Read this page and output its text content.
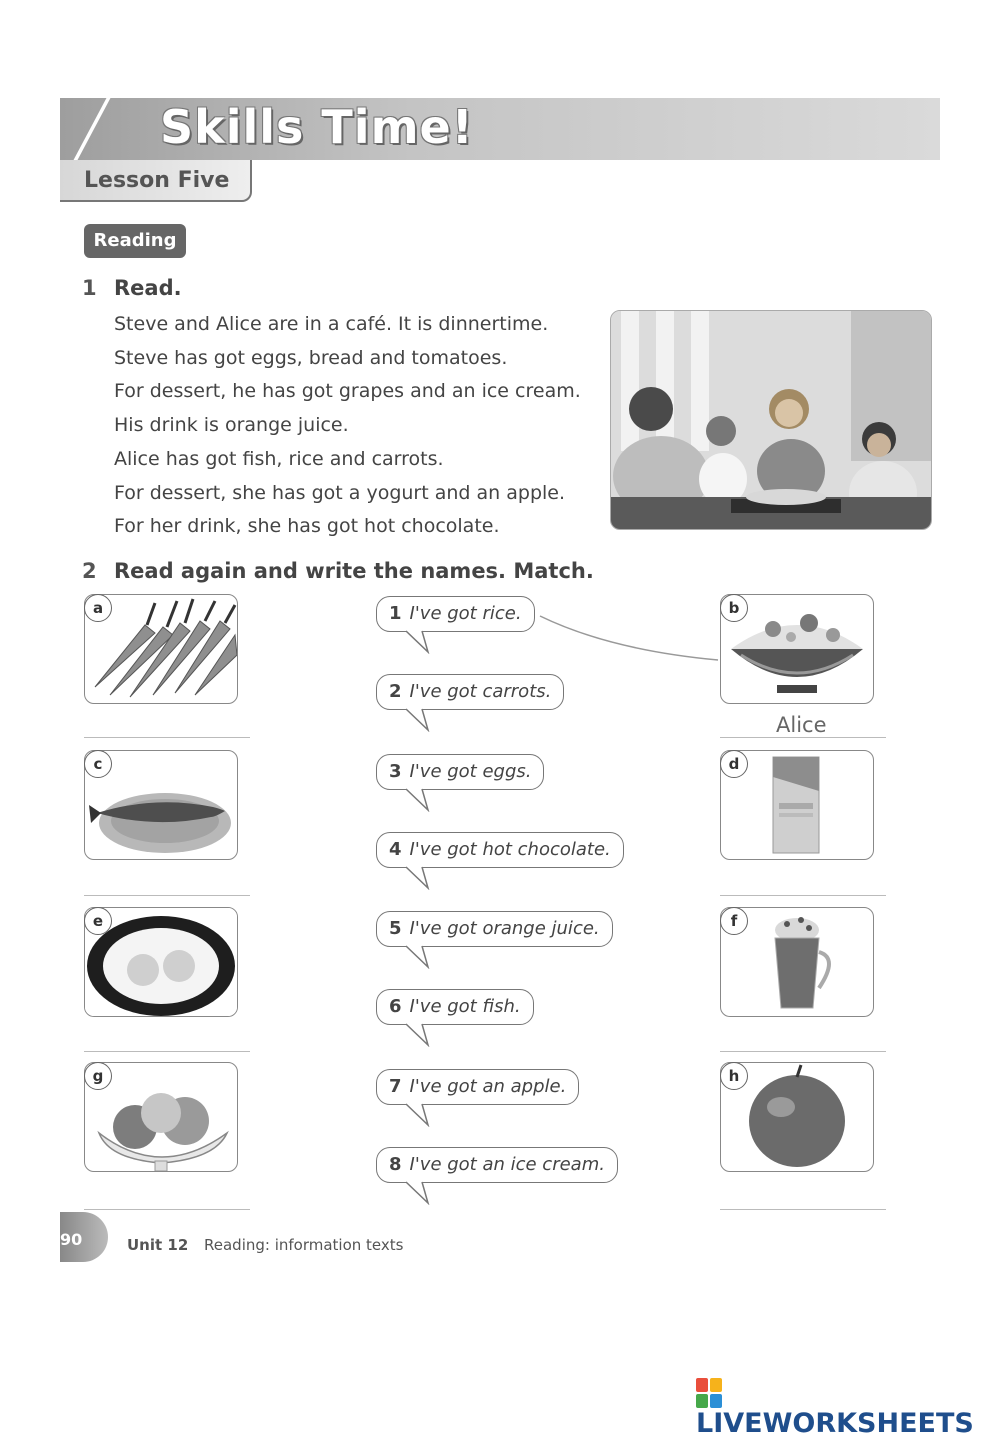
Skills Time!
Lesson Five
Reading
1 Read.
Steve and Alice are in a café. It is dinnertime.
Steve has got eggs, bread and tomatoes.
For dessert, he has got grapes and an ice cream.
His drink is orange juice.
Alice has got fish, rice and carrots.
For dessert, she has got a yogurt and an apple.
For her drink, she has got hot chocolate.
2 Read again and write the names. Match.
a
c
e
g
b
Alice
d
f
h
1 I've got rice.
2 I've got carrots.
3 I've got eggs.
4 I've got hot chocolate.
5 I've got orange juice.
6 I've got fish.
7 I've got an apple.
8 I've got an ice cream.
90	Unit 12 Reading: information texts
LIVEWORKSHEETS
